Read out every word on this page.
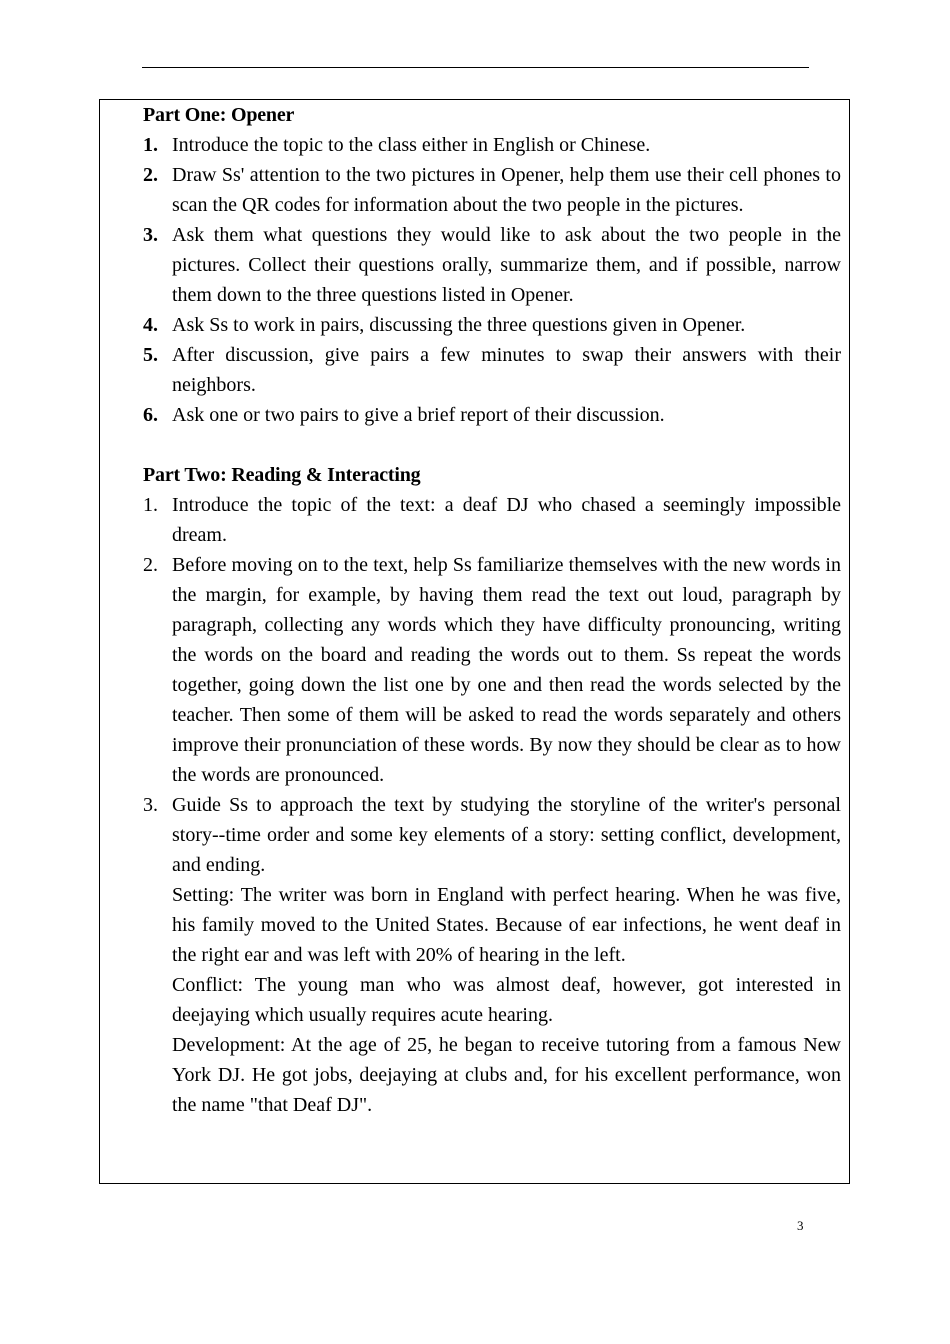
Part One: Opener
1. Introduce the topic to the class either in English or Chinese.
2. Draw Ss' attention to the two pictures in Opener, help them use their cell phones to scan the QR codes for information about the two people in the pictures.
3. Ask them what questions they would like to ask about the two people in the pictures. Collect their questions orally, summarize them, and if possible, narrow them down to the three questions listed in Opener.
4. Ask Ss to work in pairs, discussing the three questions given in Opener.
5. After discussion, give pairs a few minutes to swap their answers with their neighbors.
6. Ask one or two pairs to give a brief report of their discussion.
Part Two: Reading & Interacting
1. Introduce the topic of the text: a deaf DJ who chased a seemingly impossible dream.
2. Before moving on to the text, help Ss familiarize themselves with the new words in the margin, for example, by having them read the text out loud, paragraph by paragraph, collecting any words which they have difficulty pronouncing, writing the words on the board and reading the words out to them. Ss repeat the words together, going down the list one by one and then read the words selected by the teacher. Then some of them will be asked to read the words separately and others improve their pronunciation of these words. By now they should be clear as to how the words are pronounced.
3. Guide Ss to approach the text by studying the storyline of the writer's personal story--time order and some key elements of a story: setting conflict, development, and ending.
Setting: The writer was born in England with perfect hearing. When he was five, his family moved to the United States. Because of ear infections, he went deaf in the right ear and was left with 20% of hearing in the left.
Conflict: The young man who was almost deaf, however, got interested in deejaying which usually requires acute hearing.
Development: At the age of 25, he began to receive tutoring from a famous New York DJ. He got jobs, deejaying at clubs and, for his excellent performance, won the name "that Deaf DJ".
3
